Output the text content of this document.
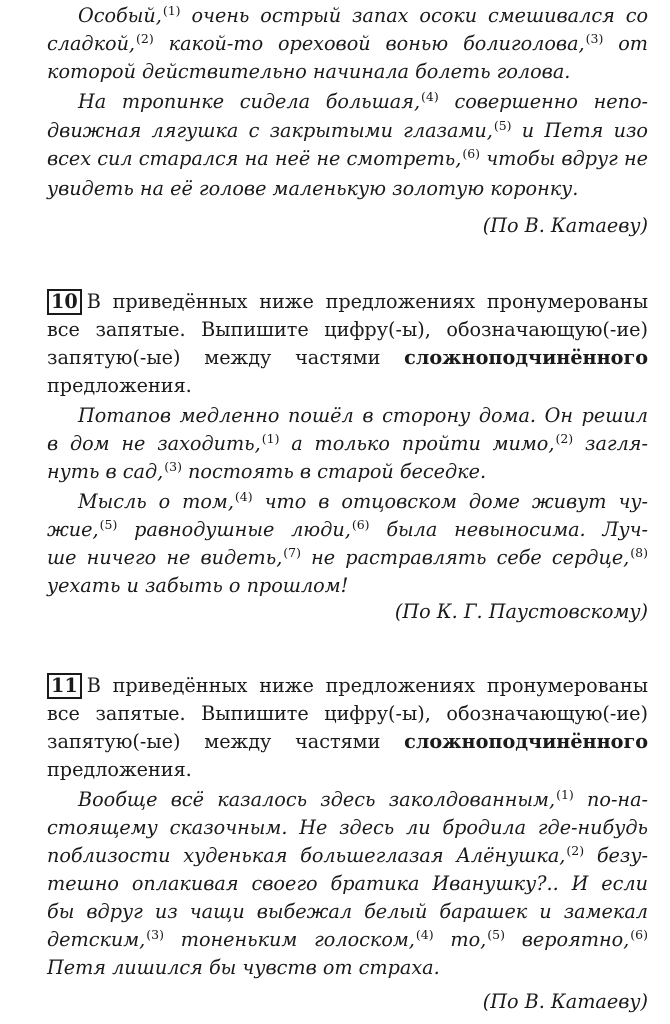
Особый,$^{(1)}$ очень острый запах осоки смешивался со
сладкой,$^{(2)}$ какой-то ореховой вонью болиголова,$^{(3)}$ от
которой действительно начинала болеть голова.
На тропинке сидела большая,$^{(4)}$ совершенно непо-
движная лягушка с закрытыми глазами,$^{(5)}$ и Петя изо
всех сил старался на неё не смотреть,$^{(6)}$ чтобы вдруг не
увидеть на её голове маленькую золотую коронку.
(По В. Катаеву)
10 В приведённых ниже предложениях пронумерованы
все запятые. Выпишите цифру(-ы), обозначающую(-ие)
запятую(-ые) между частями сложноподчинённого
предложения.
Потапов медленно пошёл в сторону дома. Он решил
в дом не заходить,$^{(1)}$ а только пройти мимо,$^{(2)}$ загля-
нуть в сад,$^{(3)}$ постоять в старой беседке.
Мысль о том,$^{(4)}$ что в отцовском доме живут чу-
жие,$^{(5)}$ равнодушные люди,$^{(6)}$ была невыносима. Луч-
ше ничего не видеть,$^{(7)}$ не растравлять себе сердце,$^{(8)}$
уехать и забыть о прошлом!
(По К. Г. Паустовскому)
11 В приведённых ниже предложениях пронумерованы
все запятые. Выпишите цифру(-ы), обозначающую(-ие)
запятую(-ые) между частями сложноподчинённого
предложения.
Вообще всё казалось здесь заколдованным,$^{(1)}$ по-на-
стоящему сказочным. Не здесь ли бродила где-нибудь
поблизости худенькая большеглазая Алёнушка,$^{(2)}$ безу-
тешно оплакивая своего братика Иванушку?.. И если
бы вдруг из чащи выбежал белый барашек и замекал
детским,$^{(3)}$ тоненьким голоском,$^{(4)}$ то,$^{(5)}$ вероятно,$^{(6)}$
Петя лишился бы чувств от страха.
(По В. Катаеву)
